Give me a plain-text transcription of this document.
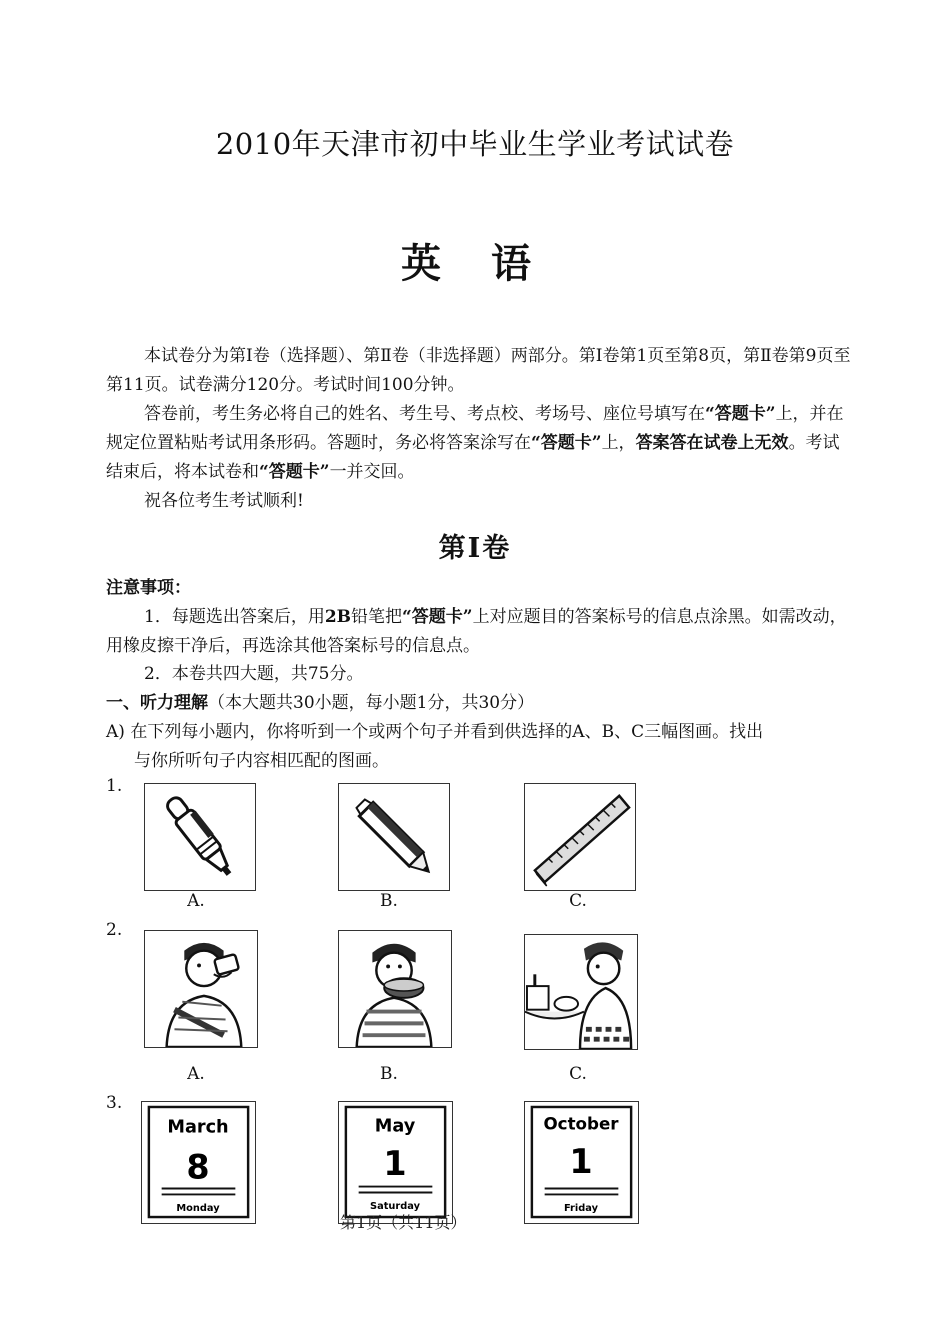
2010年天津市初中毕业生学业考试试卷
英 语
本试卷分为第Ⅰ卷（选择题）、第Ⅱ卷（非选择题）两部分。第Ⅰ卷第1页至第8页，第Ⅱ卷第9页至第11页。试卷满分120分。考试时间100分钟。
答卷前，考生务必将自己的姓名、考生号、考点校、考场号、座位号填写在“答题卡”上，并在规定位置粘贴考试用条形码。答题时，务必将答案涂写在“答题卡”上，答案答在试卷上无效。考试结束后，将本试卷和“答题卡”一并交回。
祝各位考生考试顺利!
第Ⅰ卷
注意事项：
1．每题选出答案后，用2B铅笔把“答题卡”上对应题目的答案标号的信息点涂黑。如需改动，用橡皮擦干净后，再选涂其他答案标号的信息点。
2．本卷共四大题，共75分。
一、听力理解（本大题共30小题，每小题1分，共30分）
A) 在下列每小题内，你将听到一个或两个句子并看到供选择的A、B、C三幅图画。找出
与你所听句子内容相匹配的图画。
1.
A.	B.	C.
2.
A.	B.	C.
3.
March
8
Monday
May
1
Saturday
October
1
Friday
第1页（共11页）
